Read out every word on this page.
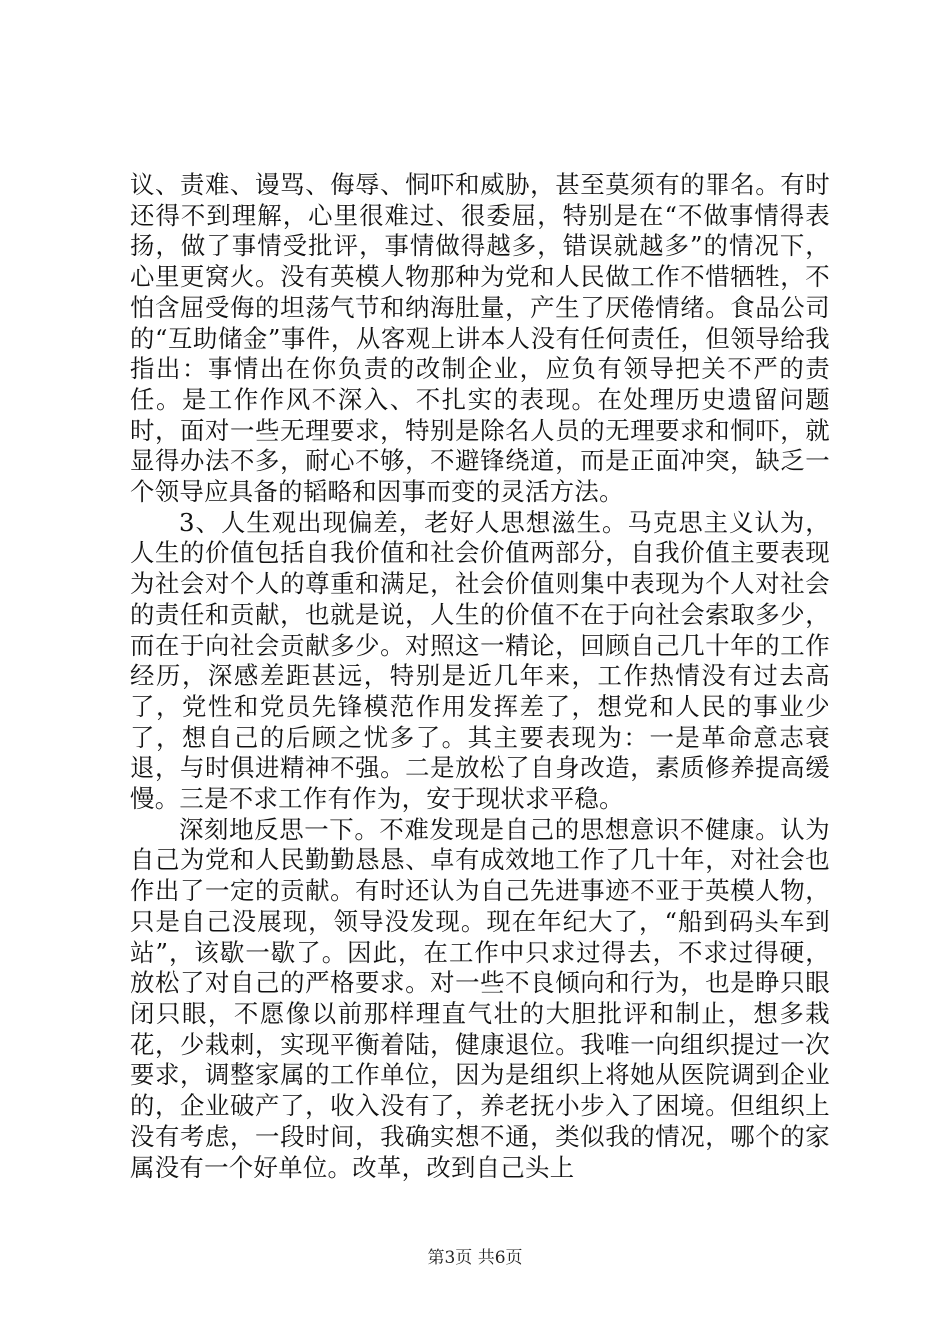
议、责难、谩骂、侮辱、恫吓和威胁，甚至莫须有的罪名。有时还得不到理解，心里很难过、很委屈，特别是在“不做事情得表扬，做了事情受批评，事情做得越多，错误就越多”的情况下，心里更窝火。没有英模人物那种为党和人民做工作不惜牺牲，不怕含屈受侮的坦荡气节和纳海肚量，产生了厌倦情绪。食品公司的“互助储金”事件，从客观上讲本人没有任何责任，但领导给我指出：事情出在你负责的改制企业，应负有领导把关不严的责任。是工作作风不深入、不扎实的表现。在处理历史遗留问题时，面对一些无理要求，特别是除名人员的无理要求和恫吓，就显得办法不多，耐心不够，不避锋绕道，而是正面冲突，缺乏一个领导应具备的韬略和因事而变的灵活方法。

3、人生观出现偏差，老好人思想滋生。马克思主义认为，人生的价值包括自我价值和社会价值两部分，自我价值主要表现为社会对个人的尊重和满足，社会价值则集中表现为个人对社会的责任和贡献，也就是说，人生的价值不在于向社会索取多少，而在于向社会贡献多少。对照这一精论，回顾自己几十年的工作经历，深感差距甚远，特别是近几年来，工作热情没有过去高了，党性和党员先锋模范作用发挥差了，想党和人民的事业少了，想自己的后顾之忧多了。其主要表现为：一是革命意志衰退，与时俱进精神不强。二是放松了自身改造，素质修养提高缓慢。三是不求工作有作为，安于现状求平稳。

深刻地反思一下。不难发现是自己的思想意识不健康。认为自己为党和人民勤勤恳恳、卓有成效地工作了几十年，对社会也作出了一定的贡献。有时还认为自己先进事迹不亚于英模人物，只是自己没展现，领导没发现。现在年纪大了，“船到码头车到站”，该歇一歇了。因此，在工作中只求过得去，不求过得硬，放松了对自己的严格要求。对一些不良倾向和行为，也是睁只眼闭只眼，不愿像以前那样理直气壮的大胆批评和制止，想多栽花，少栽刺，实现平衡着陆，健康退位。我唯一向组织提过一次要求，调整家属的工作单位，因为是组织上将她从医院调到企业的，企业破产了，收入没有了，养老抚小步入了困境。但组织上没有考虑，一段时间，我确实想不通，类似我的情况，哪个的家属没有一个好单位。改革，改到自己头上

第3页 共6页
